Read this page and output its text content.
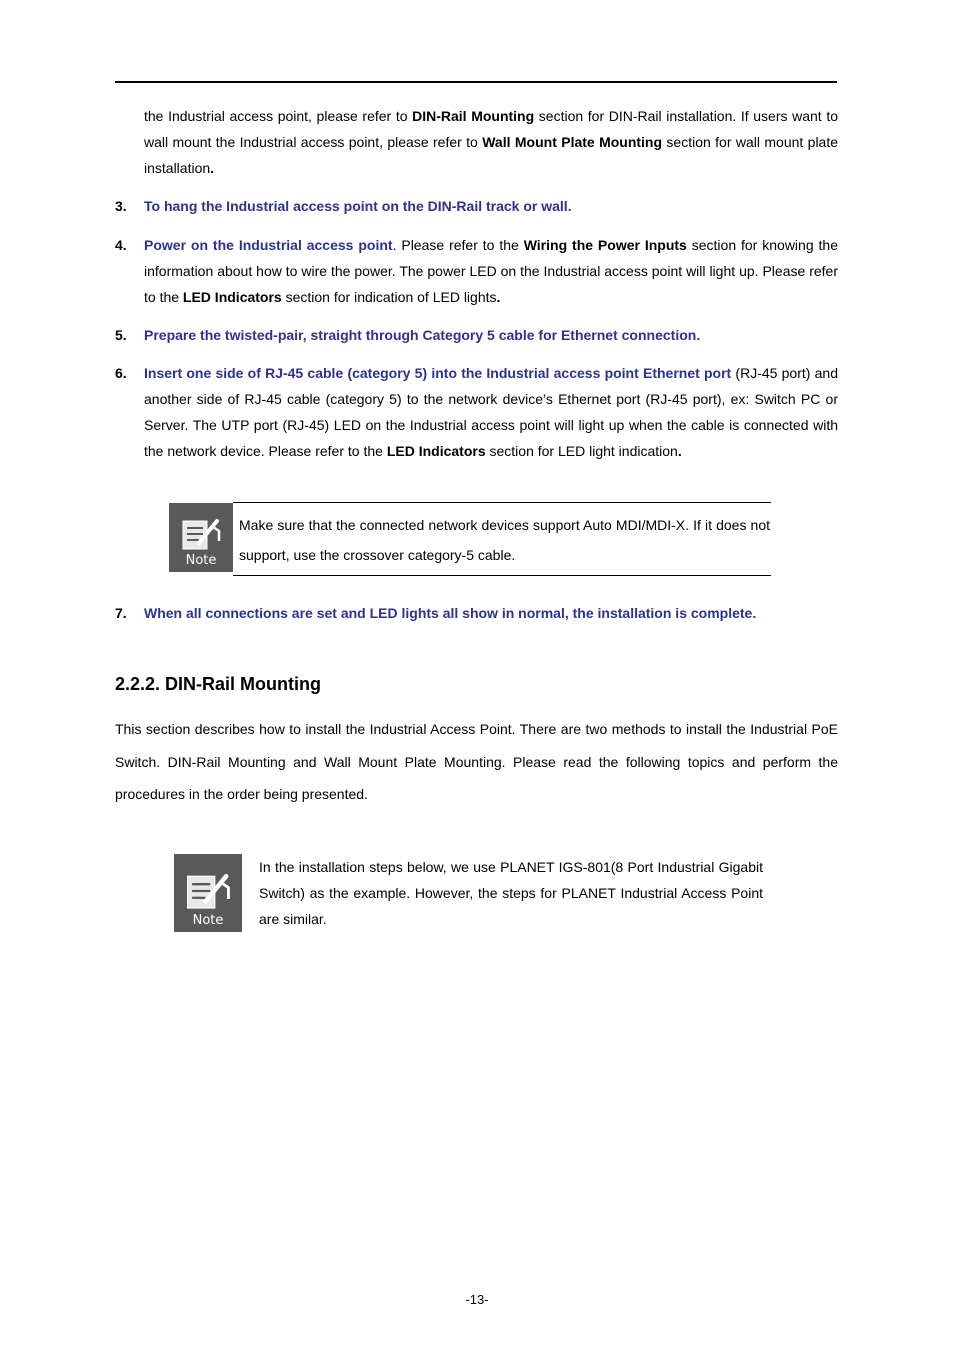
the Industrial access point, please refer to DIN-Rail Mounting section for DIN-Rail installation. If users want to wall mount the Industrial access point, please refer to Wall Mount Plate Mounting section for wall mount plate installation.
3. To hang the Industrial access point on the DIN-Rail track or wall.
4. Power on the Industrial access point. Please refer to the Wiring the Power Inputs section for knowing the information about how to wire the power. The power LED on the Industrial access point will light up. Please refer to the LED Indicators section for indication of LED lights.
5. Prepare the twisted-pair, straight through Category 5 cable for Ethernet connection.
6. Insert one side of RJ-45 cable (category 5) into the Industrial access point Ethernet port (RJ-45 port) and another side of RJ-45 cable (category 5) to the network device’s Ethernet port (RJ-45 port), ex: Switch PC or Server. The UTP port (RJ-45) LED on the Industrial access point will light up when the cable is connected with the network device. Please refer to the LED Indicators section for LED light indication.
Note
Make sure that the connected network devices support Auto MDI/MDI-X. If it does not support, use the crossover category-5 cable.
7. When all connections are set and LED lights all show in normal, the installation is complete.
2.2.2. DIN-Rail Mounting
This section describes how to install the Industrial Access Point. There are two methods to install the Industrial PoE Switch. DIN-Rail Mounting and Wall Mount Plate Mounting. Please read the following topics and perform the procedures in the order being presented.
Note
In the installation steps below, we use PLANET IGS-801(8 Port Industrial Gigabit Switch) as the example. However, the steps for PLANET Industrial Access Point are similar.
-13-
